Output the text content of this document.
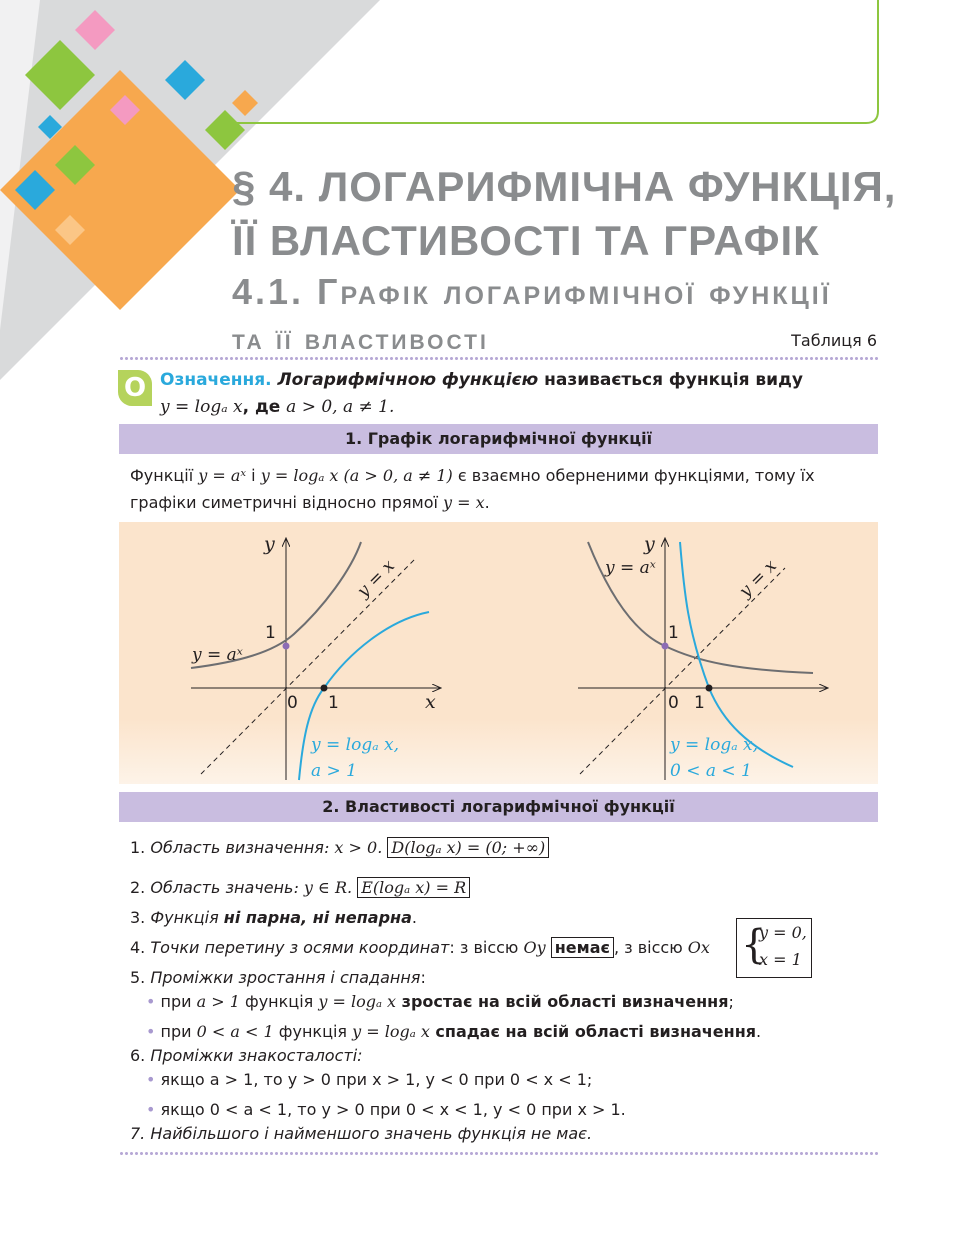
§ 4. ЛОГАРИФМІЧНА ФУНКЦІЯ,
ЇЇ ВЛАСТИВОСТІ ТА ГРАФІК
4.1. Графік логарифмічної функції
та її властивості	Таблиця 6
О Означення. Логарифмічною функцією називається функція виду
y = logₐ x, де a > 0, a ≠ 1.
1. Графік логарифмічної функції
Функції y = aˣ і y = logₐ x (a > 0, a ≠ 1) є взаємно оберненими функціями, тому їх
графіки симетричні відносно прямої y = x.
y
x
0 1
1
y = aˣ
y = x
y = logₐ x,
a > 1
y
0 1
1
y = aˣ	y = x
y = logₐ x,
0 < a < 1
2. Властивості логарифмічної функції
1. Область визначення: x > 0. D(logₐ x) = (0; +∞)
2. Область значень: y ∈ R. E(logₐ x) = R
3. Функція ні парна, ні непарна.
4. Точки перетину з осями координат: з віссю Oy немає , з віссю Ox {
y = 0,
x = 1
5. Проміжки зростання і спадання:
• при a > 1 функція y = logₐ x зростає на всій області визначення;
• при 0 < a < 1 функція y = logₐ x спадає на всій області визначення.
6. Проміжки знакосталості:
• якщо a > 1, то y > 0 при x > 1, y < 0 при 0 < x < 1;
• якщо 0 < a < 1, то y > 0 при 0 < x < 1, y < 0 при x > 1.
7. Найбільшого і найменшого значень функція не має.
